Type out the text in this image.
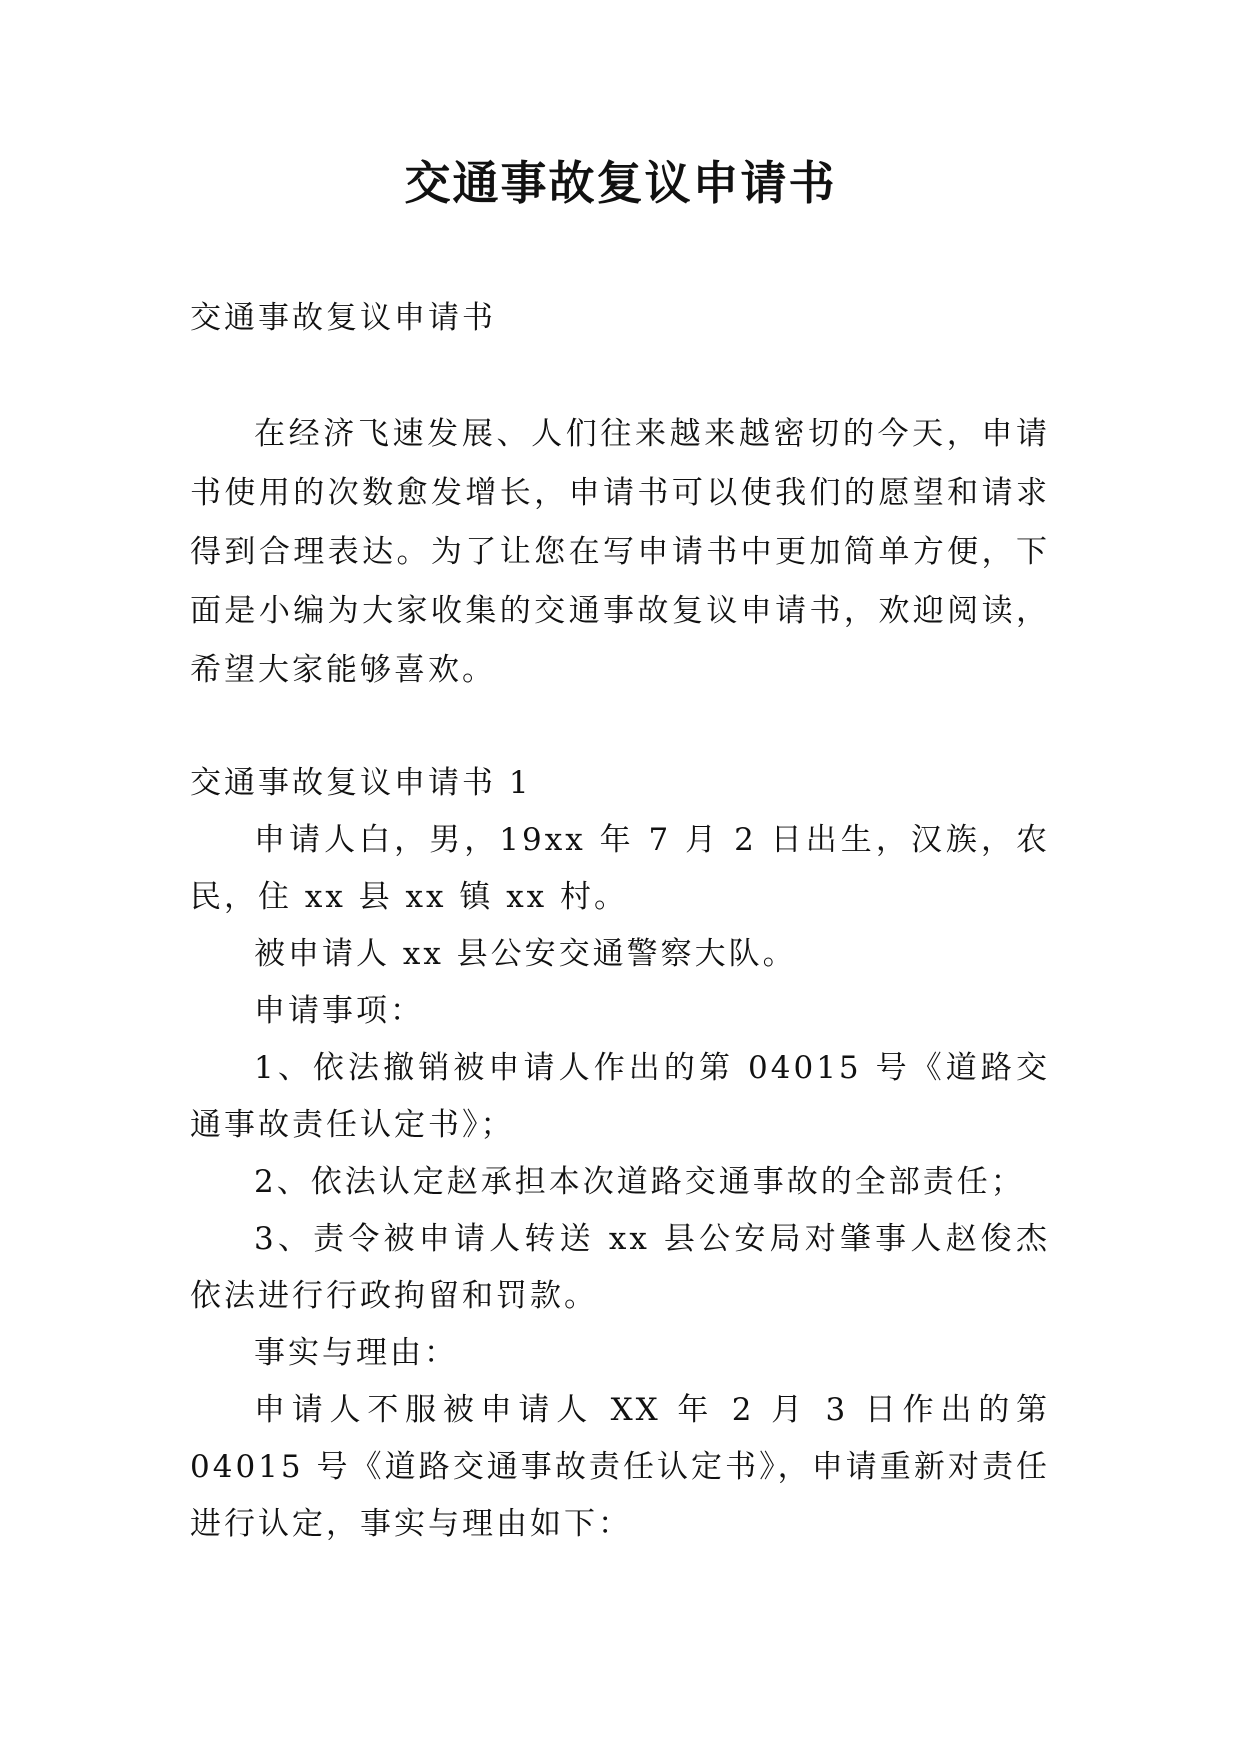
交通事故复议申请书

交通事故复议申请书

在经济飞速发展、人们往来越来越密切的今天，申请书使用的次数愈发增长，申请书可以使我们的愿望和请求得到合理表达。为了让您在写申请书中更加简单方便，下面是小编为大家收集的交通事故复议申请书，欢迎阅读，希望大家能够喜欢。

交通事故复议申请书 1

申请人白，男，19xx 年 7 月 2 日出生，汉族，农民，住 xx 县 xx 镇 xx 村。

被申请人 xx 县公安交通警察大队。

申请事项：

1、依法撤销被申请人作出的第 04015 号《道路交通事故责任认定书》；

2、依法认定赵承担本次道路交通事故的全部责任；

3、责令被申请人转送 xx 县公安局对肇事人赵俊杰依法进行行政拘留和罚款。

事实与理由：

申请人不服被申请人 XX 年 2 月 3 日作出的第 04015 号《道路交通事故责任认定书》，申请重新对责任进行认定，事实与理由如下：
